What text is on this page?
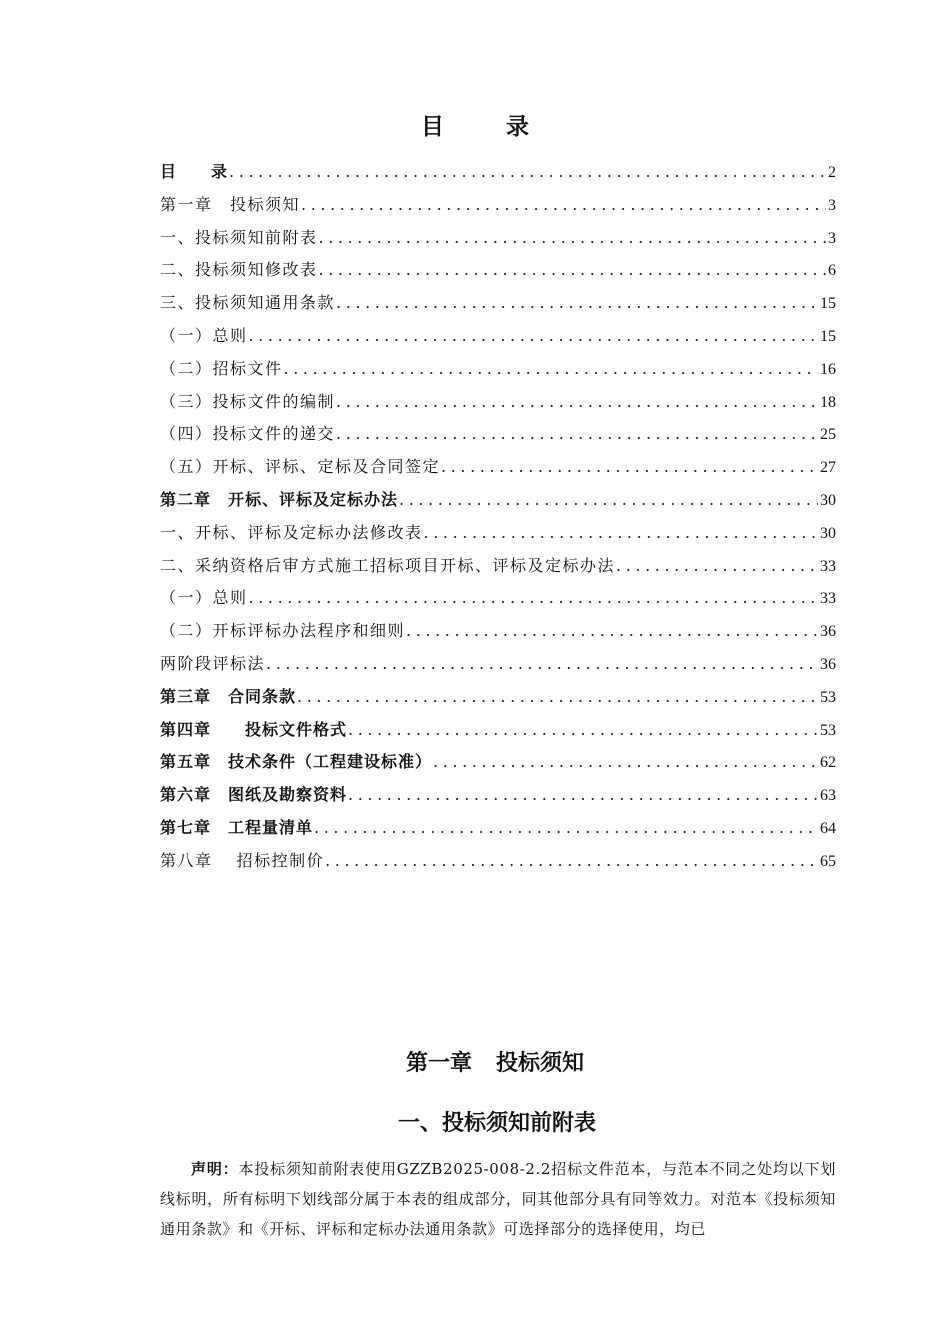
目	录
目　　录 .....	2
第一章　投标须知 .....	3
一、投标须知前附表 .....	3
二、投标须知修改表 .....	6
三、投标须知通用条款 .....	15
（一）总则 .....	15
（二）招标文件 .....	16
（三）投标文件的编制 .....	18
（四）投标文件的递交 .....	25
（五）开标、评标、定标及合同签定 .....	27
第二章　开标、评标及定标办法 .....	30
一、开标、评标及定标办法修改表 .....	30
二、采纳资格后审方式施工招标项目开标、评标及定标办法 .....	33
（一）总则 .....	33
（二）开标评标办法程序和细则 .....	36
两阶段评标法 .....	36
第三章　合同条款 .....	53
第四章　　投标文件格式 .....	53
第五章　技术条件（工程建设标准） .....	62
第六章　图纸及勘察资料 .....	63
第七章　工程量清单 .....	64
第八章　 招标控制价 .....	65
第一章 投标须知
一、投标须知前附表
声明：本投标须知前附表使用GZZB2025-008-2.2招标文件范本，与范本不同之处均以下划线标明，所有标明下划线部分属于本表的组成部分，同其他部分具有同等效力。对范本《投标须知通用条款》和《开标、评标和定标办法通用条款》可选择部分的选择使用，均已
